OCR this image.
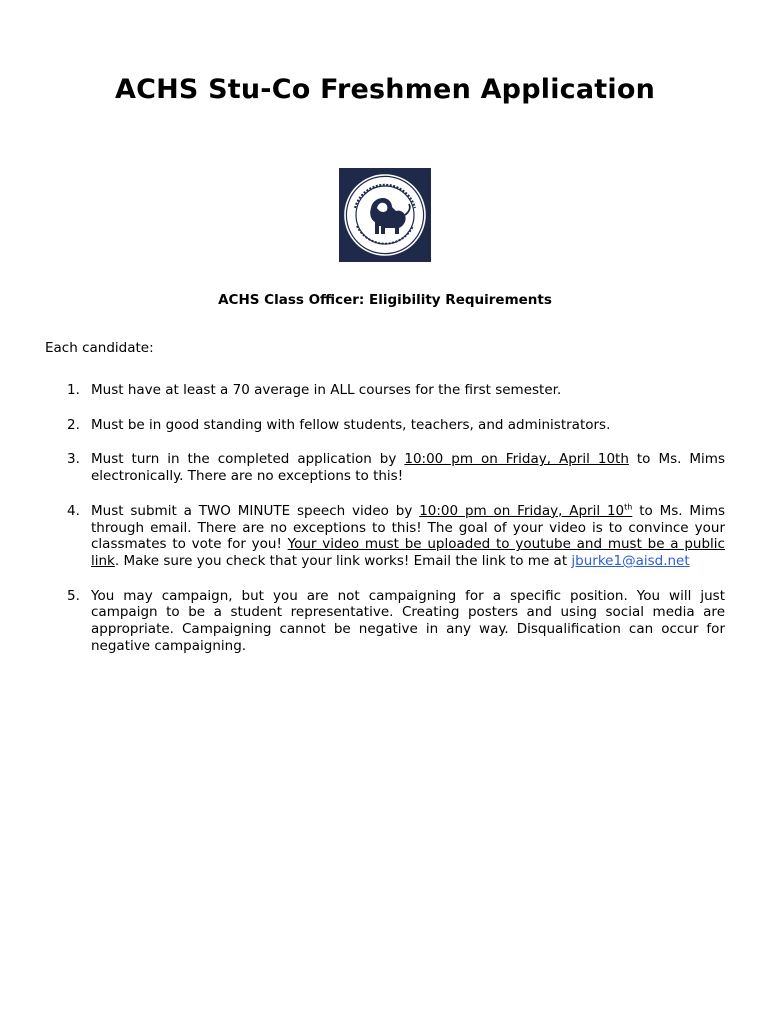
ACHS Stu-Co Freshmen Application
ACHS Class Officer: Eligibility Requirements
Each candidate:
1. Must have at least a 70 average in ALL courses for the first semester.
2. Must be in good standing with fellow students, teachers, and administrators.
3. Must turn in the completed application by 10:00 pm on Friday, April 10th to Ms. Mims electronically. There are no exceptions to this!
4. Must submit a TWO MINUTE speech video by 10:00 pm on Friday, April 10th to Ms. Mims through email. There are no exceptions to this! The goal of your video is to convince your classmates to vote for you! Your video must be uploaded to youtube and must be a public link. Make sure you check that your link works! Email the link to me at jburke1@aisd.net
5. You may campaign, but you are not campaigning for a specific position. You will just campaign to be a student representative. Creating posters and using social media are appropriate. Campaigning cannot be negative in any way. Disqualification can occur for negative campaigning.
